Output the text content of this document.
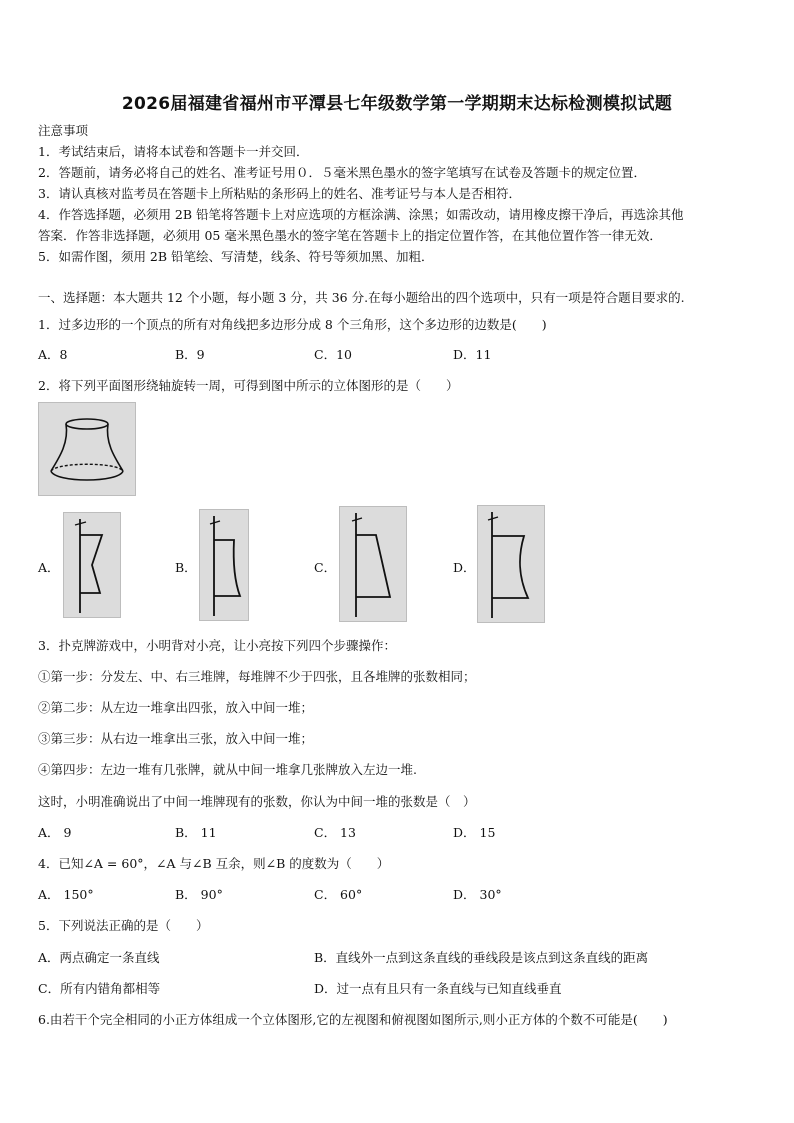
2026届福建省福州市平潭县七年级数学第一学期期末达标检测模拟试题
注意事项
1．考试结束后，请将本试卷和答题卡一并交回．
2．答题前，请务必将自己的姓名、准考证号用０．５毫米黑色墨水的签字笔填写在试卷及答题卡的规定位置．
3．请认真核对监考员在答题卡上所粘贴的条形码上的姓名、准考证号与本人是否相符．
4．作答选择题，必须用 2B 铅笔将答题卡上对应选项的方框涂满、涂黑；如需改动，请用橡皮擦干净后，再选涂其他
答案．作答非选择题，必须用 05 毫米黑色墨水的签字笔在答题卡上的指定位置作答，在其他位置作答一律无效．
5．如需作图，须用 2B 铅笔绘、写清楚，线条、符号等须加黑、加粗．
一、选择题：本大题共 12 个小题，每小题 3 分，共 36 分.在每小题给出的四个选项中，只有一项是符合题目要求的.
1．过多边形的一个顶点的所有对角线把多边形分成 8 个三角形，这个多边形的边数是(　　)
A．8	B．9	C．10	D．11
2．将下列平面图形绕轴旋转一周，可得到图中所示的立体图形的是（　　）
A．	B．	C．	D．
3．扑克牌游戏中，小明背对小亮，让小亮按下列四个步骤操作：
①第一步：分发左、中、右三堆牌，每堆牌不少于四张，且各堆牌的张数相同；
②第二步：从左边一堆拿出四张，放入中间一堆；
③第三步：从右边一堆拿出三张，放入中间一堆；
④第四步：左边一堆有几张牌，就从中间一堆拿几张牌放入左边一堆.
这时，小明准确说出了中间一堆牌现有的张数，你认为中间一堆的张数是（　）
A． 9	B． 11	C． 13	D． 15
4．已知∠A = 60°，∠A 与∠B 互余，则∠B 的度数为（　　）
A． 150°	B． 90°	C． 60°	D． 30°
5．下列说法正确的是（　　）
A．两点确定一条直线	B．直线外一点到这条直线的垂线段是该点到这条直线的距离
C．所有内错角都相等	D．过一点有且只有一条直线与已知直线垂直
6.由若干个完全相同的小正方体组成一个立体图形,它的左视图和俯视图如图所示,则小正方体的个数不可能是(　　)
